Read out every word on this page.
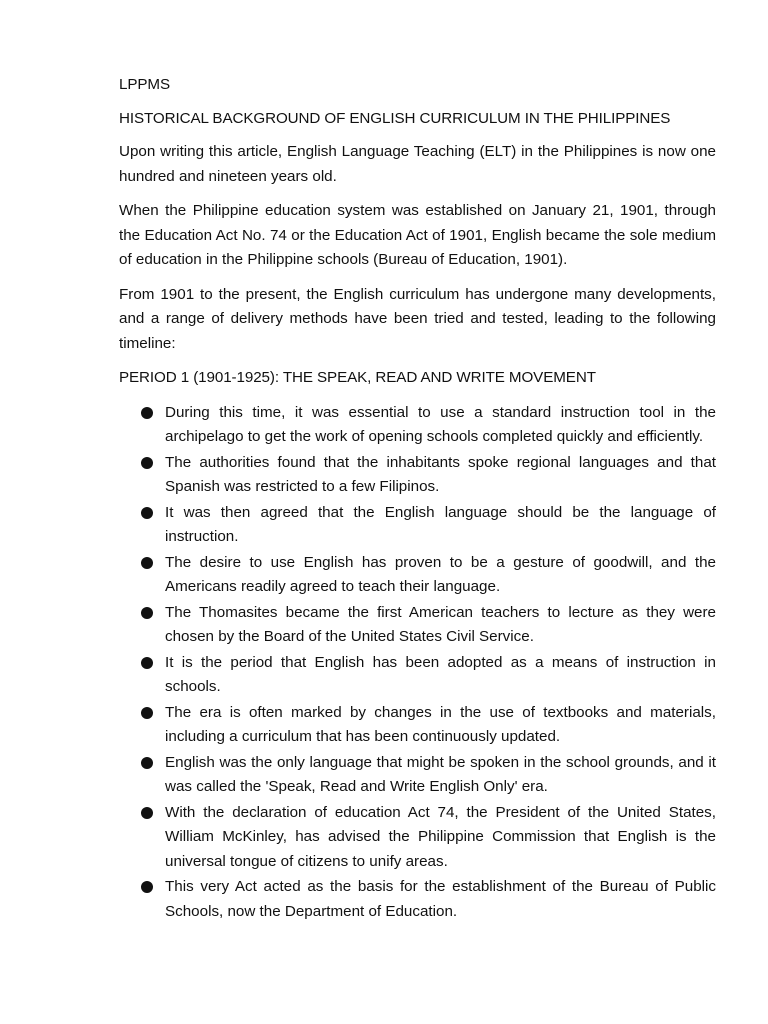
LPPMS

HISTORICAL BACKGROUND OF ENGLISH CURRICULUM IN THE PHILIPPINES

Upon writing this article, English Language Teaching (ELT) in the Philippines is now one hundred and nineteen years old.

When the Philippine education system was established on January 21, 1901, through the Education Act No. 74 or the Education Act of 1901, English became the sole medium of education in the Philippine schools (Bureau of Education, 1901).

From 1901 to the present, the English curriculum has undergone many developments, and a range of delivery methods have been tried and tested, leading to the following timeline:

PERIOD 1 (1901-1925): THE SPEAK, READ AND WRITE MOVEMENT

During this time, it was essential to use a standard instruction tool in the archipelago to get the work of opening schools completed quickly and efficiently.
The authorities found that the inhabitants spoke regional languages and that Spanish was restricted to a few Filipinos.
It was then agreed that the English language should be the language of instruction.
The desire to use English has proven to be a gesture of goodwill, and the Americans readily agreed to teach their language.
The Thomasites became the first American teachers to lecture as they were chosen by the Board of the United States Civil Service.
It is the period that English has been adopted as a means of instruction in schools.
The era is often marked by changes in the use of textbooks and materials, including a curriculum that has been continuously updated.
English was the only language that might be spoken in the school grounds, and it was called the 'Speak, Read and Write English Only' era.
With the declaration of education Act 74, the President of the United States, William McKinley, has advised the Philippine Commission that English is the universal tongue of citizens to unify areas.
This very Act acted as the basis for the establishment of the Bureau of Public Schools, now the Department of Education.
